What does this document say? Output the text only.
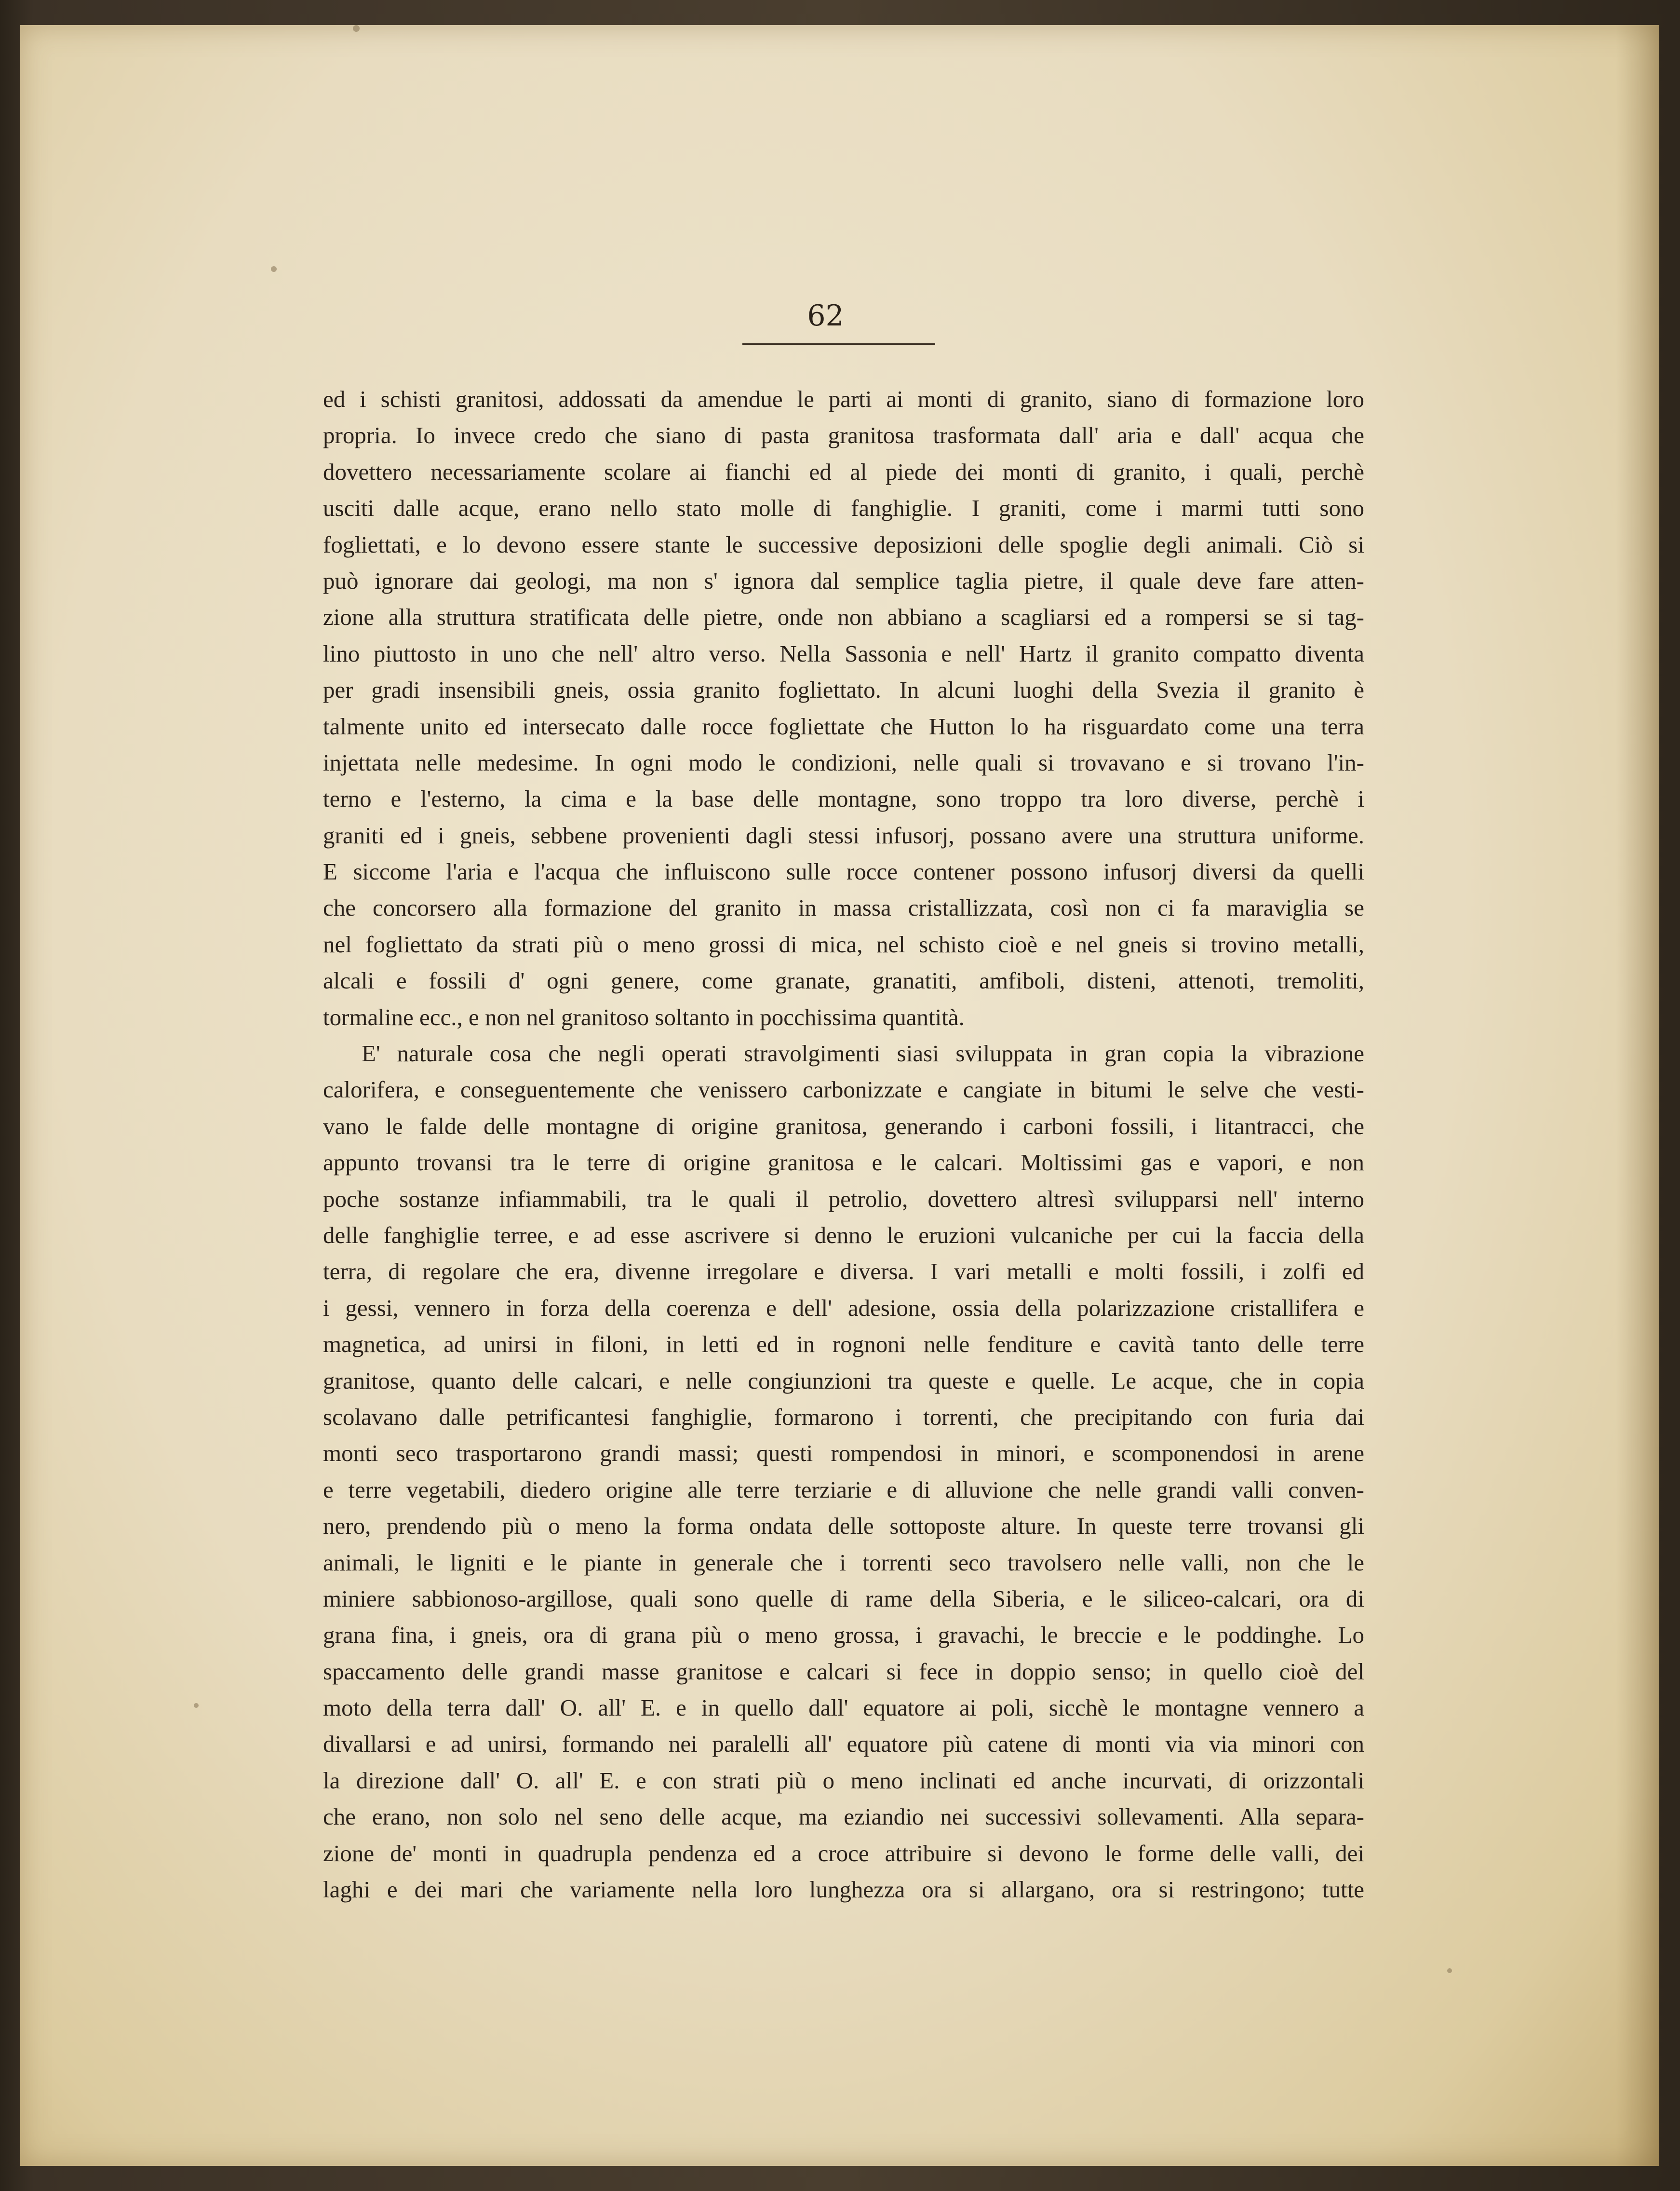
62
ed i schisti granitosi, addossati da amendue le parti ai monti di granito, siano di formazione loro
propria. Io invece credo che siano di pasta granitosa trasformata dall' aria e dall' acqua che
dovettero necessariamente scolare ai fianchi ed al piede dei monti di granito, i quali, perchè
usciti dalle acque, erano nello stato molle di fanghiglie. I graniti, come i marmi tutti sono
fogliettati, e lo devono essere stante le successive deposizioni delle spoglie degli animali. Ciò si
può ignorare dai geologi, ma non s' ignora dal semplice taglia pietre, il quale deve fare atten-
zione alla struttura stratificata delle pietre, onde non abbiano a scagliarsi ed a rompersi se si tag-
lino piuttosto in uno che nell' altro verso. Nella Sassonia e nell' Hartz il granito compatto diventa
per gradi insensibili gneis, ossia granito fogliettato. In alcuni luoghi della Svezia il granito è
talmente unito ed intersecato dalle rocce fogliettate che Hutton lo ha risguardato come una terra
injettata nelle medesime. In ogni modo le condizioni, nelle quali si trovavano e si trovano l'in-
terno e l'esterno, la cima e la base delle montagne, sono troppo tra loro diverse, perchè i
graniti ed i gneis, sebbene provenienti dagli stessi infusorj, possano avere una struttura uniforme.
E siccome l'aria e l'acqua che influiscono sulle rocce contener possono infusorj diversi da quelli
che concorsero alla formazione del granito in massa cristallizzata, così non ci fa maraviglia se
nel fogliettato da strati più o meno grossi di mica, nel schisto cioè e nel gneis si trovino metalli,
alcali e fossili d' ogni genere, come granate, granatiti, amfiboli, disteni, attenoti, tremoliti,
tormaline ecc., e non nel granitoso soltanto in pocchissima quantità.
E' naturale cosa che negli operati stravolgimenti siasi sviluppata in gran copia la vibrazione
calorifera, e conseguentemente che venissero carbonizzate e cangiate in bitumi le selve che vesti-
vano le falde delle montagne di origine granitosa, generando i carboni fossili, i litantracci, che
appunto trovansi tra le terre di origine granitosa e le calcari. Moltissimi gas e vapori, e non
poche sostanze infiammabili, tra le quali il petrolio, dovettero altresì svilupparsi nell' interno
delle fanghiglie terree, e ad esse ascrivere si denno le eruzioni vulcaniche per cui la faccia della
terra, di regolare che era, divenne irregolare e diversa. I vari metalli e molti fossili, i zolfi ed
i gessi, vennero in forza della coerenza e dell' adesione, ossia della polarizzazione cristallifera e
magnetica, ad unirsi in filoni, in letti ed in rognoni nelle fenditure e cavità tanto delle terre
granitose, quanto delle calcari, e nelle congiunzioni tra queste e quelle. Le acque, che in copia
scolavano dalle petrificantesi fanghiglie, formarono i torrenti, che precipitando con furia dai
monti seco trasportarono grandi massi; questi rompendosi in minori, e scomponendosi in arene
e terre vegetabili, diedero origine alle terre terziarie e di alluvione che nelle grandi valli conven-
nero, prendendo più o meno la forma ondata delle sottoposte alture. In queste terre trovansi gli
animali, le ligniti e le piante in generale che i torrenti seco travolsero nelle valli, non che le
miniere sabbionoso-argillose, quali sono quelle di rame della Siberia, e le siliceo-calcari, ora di
grana fina, i gneis, ora di grana più o meno grossa, i gravachi, le breccie e le poddinghe. Lo
spaccamento delle grandi masse granitose e calcari si fece in doppio senso; in quello cioè del
moto della terra dall' O. all' E. e in quello dall' equatore ai poli, sicchè le montagne vennero a
divallarsi e ad unirsi, formando nei paralelli all' equatore più catene di monti via via minori con
la direzione dall' O. all' E. e con strati più o meno inclinati ed anche incurvati, di orizzontali
che erano, non solo nel seno delle acque, ma eziandio nei successivi sollevamenti. Alla separa-
zione de' monti in quadrupla pendenza ed a croce attribuire si devono le forme delle valli, dei
laghi e dei mari che variamente nella loro lunghezza ora si allargano, ora si restringono; tutte
